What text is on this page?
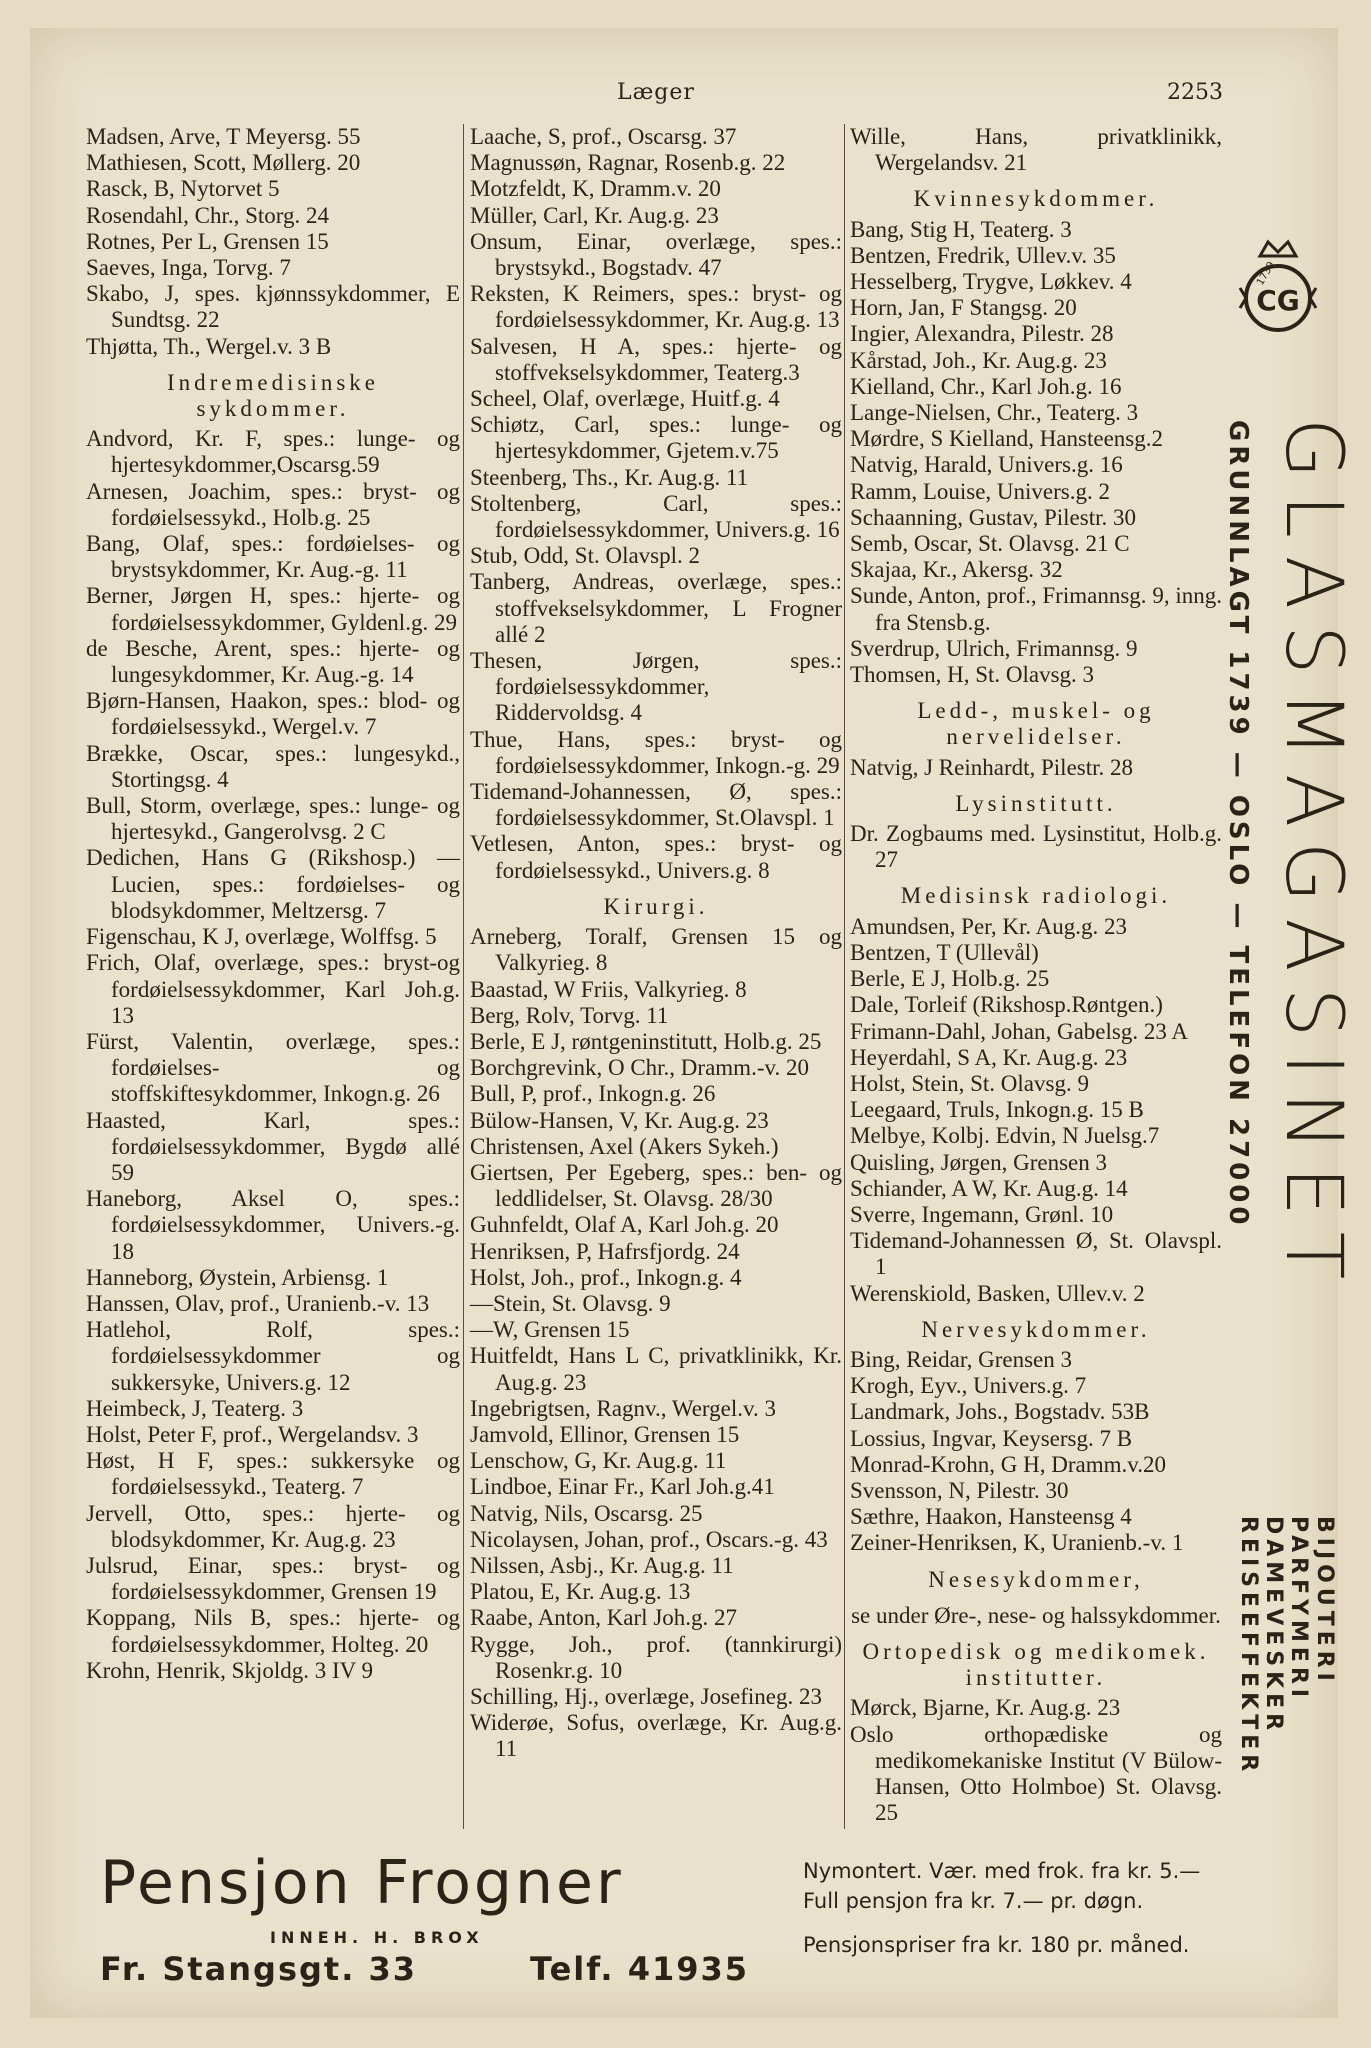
Læger	2253

Madsen, Arve, T Meyersg. 55

Mathiesen, Scott, Møllerg. 20

Rasck, B, Nytorvet 5

Rosendahl, Chr., Storg. 24

Rotnes, Per L, Grensen 15

Saeves, Inga, Torvg. 7

Skabo, J, spes. kjønnssykdommer, E Sundtsg. 22

Thjøtta, Th., Wergel.v. 3 B

Indremedisinske sykdommer.

Andvord, Kr. F, spes.: lunge- og hjertesykdommer,Oscarsg.59

Arnesen, Joachim, spes.: bryst- og fordøielsessykd., Holb.g. 25

Bang, Olaf, spes.: fordøielses- og brystsykdommer, Kr. Aug.-g. 11

Berner, Jørgen H, spes.: hjerte- og fordøielsessykdommer, Gyldenl.g. 29

de Besche, Arent, spes.: hjerte- og lungesykdommer, Kr. Aug.-g. 14

Bjørn-Hansen, Haakon, spes.: blod- og fordøielsessykd., Wergel.v. 7

Brække, Oscar, spes.: lungesykd., Stortingsg. 4

Bull, Storm, overlæge, spes.: lunge- og hjertesykd., Gangerolvsg. 2 C

Dedichen, Hans G (Rikshosp.) —Lucien, spes.: fordøielses- og blodsykdommer, Meltzersg. 7

Figenschau, K J, overlæge, Wolffsg. 5

Frich, Olaf, overlæge, spes.: bryst-og fordøielsessykdommer, Karl Joh.g. 13

Fürst, Valentin, overlæge, spes.: fordøielses- og stoffskiftesykdommer, Inkogn.g. 26

Haasted, Karl, spes.: fordøielsessykdommer, Bygdø allé 59

Haneborg, Aksel O, spes.: fordøielsessykdommer, Univers.-g. 18

Hanneborg, Øystein, Arbiensg. 1

Hanssen, Olav, prof., Uranienb.-v. 13

Hatlehol, Rolf, spes.: fordøielsessykdommer og sukkersyke, Univers.g. 12

Heimbeck, J, Teaterg. 3

Holst, Peter F, prof., Wergelandsv. 3

Høst, H F, spes.: sukkersyke og fordøielsessykd., Teaterg. 7

Jervell, Otto, spes.: hjerte- og blodsykdommer, Kr. Aug.g. 23

Julsrud, Einar, spes.: bryst- og fordøielsessykdommer, Grensen 19

Koppang, Nils B, spes.: hjerte- og fordøielsessykdommer, Holteg. 20

Krohn, Henrik, Skjoldg. 3 IV 9

Laache, S, prof., Oscarsg. 37

Magnussøn, Ragnar, Rosenb.g. 22

Motzfeldt, K, Dramm.v. 20

Müller, Carl, Kr. Aug.g. 23

Onsum, Einar, overlæge, spes.: brystsykd., Bogstadv. 47

Reksten, K Reimers, spes.: bryst- og fordøielsessykdommer, Kr. Aug.g. 13

Salvesen, H A, spes.: hjerte- og stoffvekselsykdommer, Teaterg.3

Scheel, Olaf, overlæge, Huitf.g. 4

Schiøtz, Carl, spes.: lunge- og hjertesykdommer, Gjetem.v.75

Steenberg, Ths., Kr. Aug.g. 11

Stoltenberg, Carl, spes.: fordøielsessykdommer, Univers.g. 16

Stub, Odd, St. Olavspl. 2

Tanberg, Andreas, overlæge, spes.: stoffvekselsykdommer, L Frogner allé 2

Thesen, Jørgen, spes.: fordøielsessykdommer, Riddervoldsg. 4

Thue, Hans, spes.: bryst- og fordøielsessykdommer, Inkogn.-g. 29

Tidemand-Johannessen, Ø, spes.: fordøielsessykdommer, St.Olavspl. 1

Vetlesen, Anton, spes.: bryst- og fordøielsessykd., Univers.g. 8

Kirurgi.

Arneberg, Toralf, Grensen 15 og Valkyrieg. 8

Baastad, W Friis, Valkyrieg. 8

Berg, Rolv, Torvg. 11

Berle, E J, røntgeninstitutt, Holb.g. 25

Borchgrevink, O Chr., Dramm.-v. 20

Bull, P, prof., Inkogn.g. 26

Bülow-Hansen, V, Kr. Aug.g. 23

Christensen, Axel (Akers Sykeh.)

Giertsen, Per Egeberg, spes.: ben- og leddlidelser, St. Olavsg. 28/30

Guhnfeldt, Olaf A, Karl Joh.g. 20

Henriksen, P, Hafrsfjordg. 24

Holst, Joh., prof., Inkogn.g. 4

—Stein, St. Olavsg. 9

—W, Grensen 15

Huitfeldt, Hans L C, privatklinikk, Kr. Aug.g. 23

Ingebrigtsen, Ragnv., Wergel.v. 3

Jamvold, Ellinor, Grensen 15

Lenschow, G, Kr. Aug.g. 11

Lindboe, Einar Fr., Karl Joh.g.41

Natvig, Nils, Oscarsg. 25

Nicolaysen, Johan, prof., Oscars.-g. 43

Nilssen, Asbj., Kr. Aug.g. 11

Platou, E, Kr. Aug.g. 13

Raabe, Anton, Karl Joh.g. 27

Rygge, Joh., prof. (tannkirurgi) Rosenkr.g. 10

Schilling, Hj., overlæge, Josefineg. 23

Widerøe, Sofus, overlæge, Kr. Aug.g. 11

Wille, Hans, privatklinikk, Wergelandsv. 21

Kvinnesykdommer.

Bang, Stig H, Teaterg. 3

Bentzen, Fredrik, Ullev.v. 35

Hesselberg, Trygve, Løkkev. 4

Horn, Jan, F Stangsg. 20

Ingier, Alexandra, Pilestr. 28

Kårstad, Joh., Kr. Aug.g. 23

Kielland, Chr., Karl Joh.g. 16

Lange-Nielsen, Chr., Teaterg. 3

Mørdre, S Kielland, Hansteensg.2

Natvig, Harald, Univers.g. 16

Ramm, Louise, Univers.g. 2

Schaanning, Gustav, Pilestr. 30

Semb, Oscar, St. Olavsg. 21 C

Skajaa, Kr., Akersg. 32

Sunde, Anton, prof., Frimannsg. 9, inng. fra Stensb.g.

Sverdrup, Ulrich, Frimannsg. 9

Thomsen, H, St. Olavsg. 3

Ledd-, muskel- og nervelidelser.

Natvig, J Reinhardt, Pilestr. 28

Lysinstitutt.

Dr. Zogbaums med. Lysinstitut, Holb.g. 27

Medisinsk radiologi.

Amundsen, Per, Kr. Aug.g. 23

Bentzen, T (Ullevål)

Berle, E J, Holb.g. 25

Dale, Torleif (Rikshosp.Røntgen.)

Frimann-Dahl, Johan, Gabelsg. 23 A

Heyerdahl, S A, Kr. Aug.g. 23

Holst, Stein, St. Olavsg. 9

Leegaard, Truls, Inkogn.g. 15 B

Melbye, Kolbj. Edvin, N Juelsg.7

Quisling, Jørgen, Grensen 3

Schiander, A W, Kr. Aug.g. 14

Sverre, Ingemann, Grønl. 10

Tidemand-Johannessen Ø, St. Olavspl. 1

Werenskiold, Basken, Ullev.v. 2

Nervesykdommer.

Bing, Reidar, Grensen 3

Krogh, Eyv., Univers.g. 7

Landmark, Johs., Bogstadv. 53B

Lossius, Ingvar, Keysersg. 7 B

Monrad-Krohn, G H, Dramm.v.20

Svensson, N, Pilestr. 30

Sæthre, Haakon, Hansteensg 4

Zeiner-Henriksen, K, Uranienb.-v. 1

Nesesykdommer,

se under Øre-, nese- og halssykdommer.

Ortopedisk og medikomek. institutter.

Mørck, Bjarne, Kr. Aug.g. 23

Oslo orthopædiske og medikomekaniske Institut (V Bülow-Hansen, Otto Holmboe) St. Olavsg. 25

CG
1739
GLASMAGASINET
GRUNNLAGT 1739 — OSLO — TELEFON 27000
BIJOUTERI
PARFYMERI
DAMEVESKER
REISEEFFEKTER
Pensjon Frogner
INNEH. H. BROX
Fr. Stangsgt. 33	Telf. 41935
Nymontert. Vær. med frok. fra kr. 5.—
Full pensjon fra kr. 7.— pr. døgn.
Pensjonspriser fra kr. 180 pr. måned.
